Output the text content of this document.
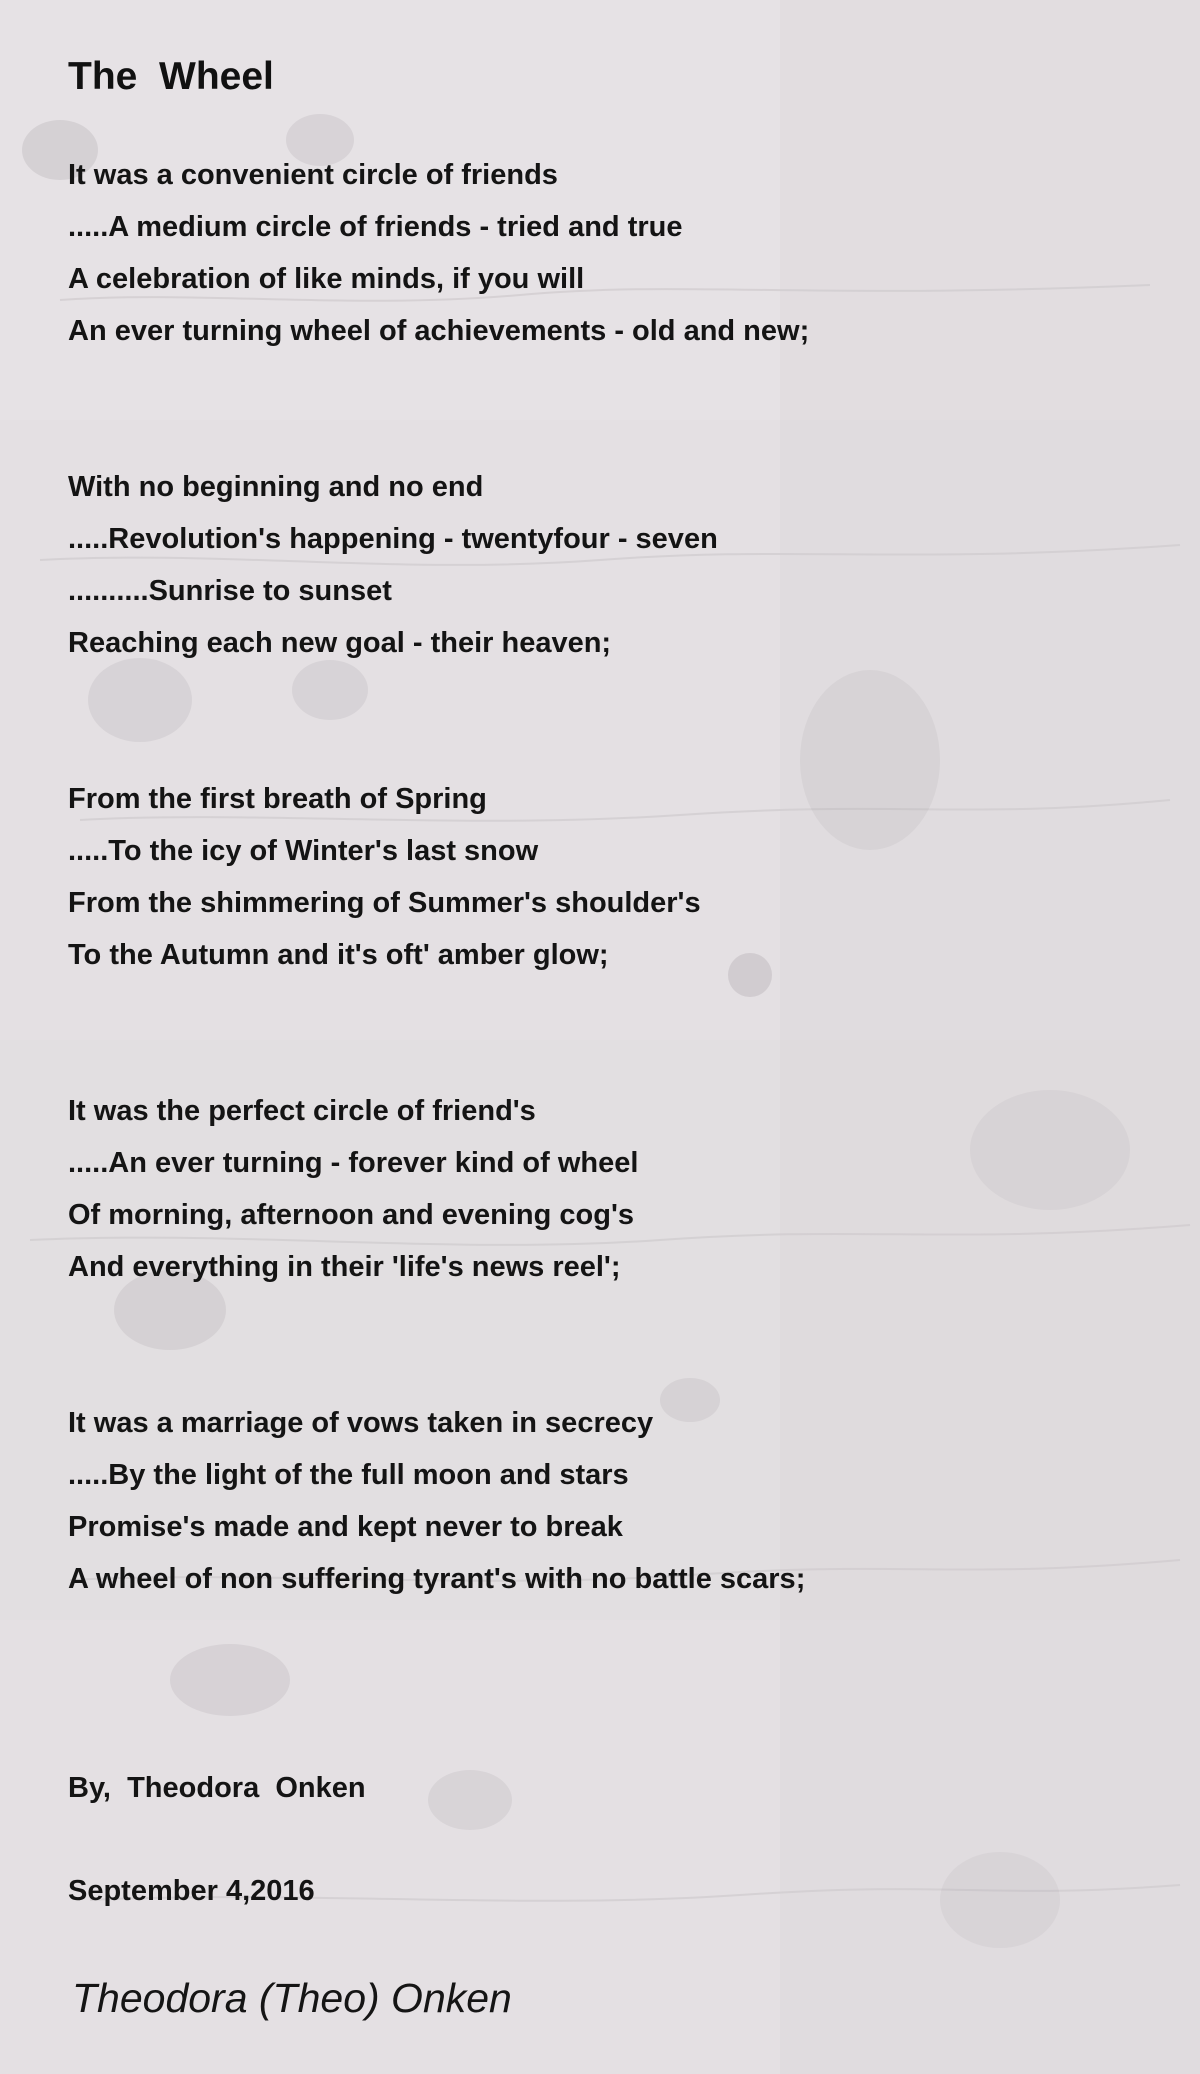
The  Wheel
It was a convenient circle of friends
.....A medium circle of friends - tried and true
A celebration of like minds, if you will
An ever turning wheel of achievements - old and new;
With no beginning and no end
.....Revolution's happening - twentyfour - seven
..........Sunrise to sunset
Reaching each new goal - their heaven;
From the first breath of Spring
.....To the icy of Winter's last snow
From the shimmering of Summer's shoulder's
To the Autumn and it's oft' amber glow;
It was the perfect circle of friend's
.....An ever turning - forever kind of wheel
Of morning, afternoon and evening cog's
And everything in their 'life's news reel';
It was a marriage of vows taken in secrecy
.....By the light of the full moon and stars
Promise's made and kept never to break
A wheel of non suffering tyrant's with no battle scars;
By,  Theodora  Onken
September 4,2016
Theodora (Theo) Onken
